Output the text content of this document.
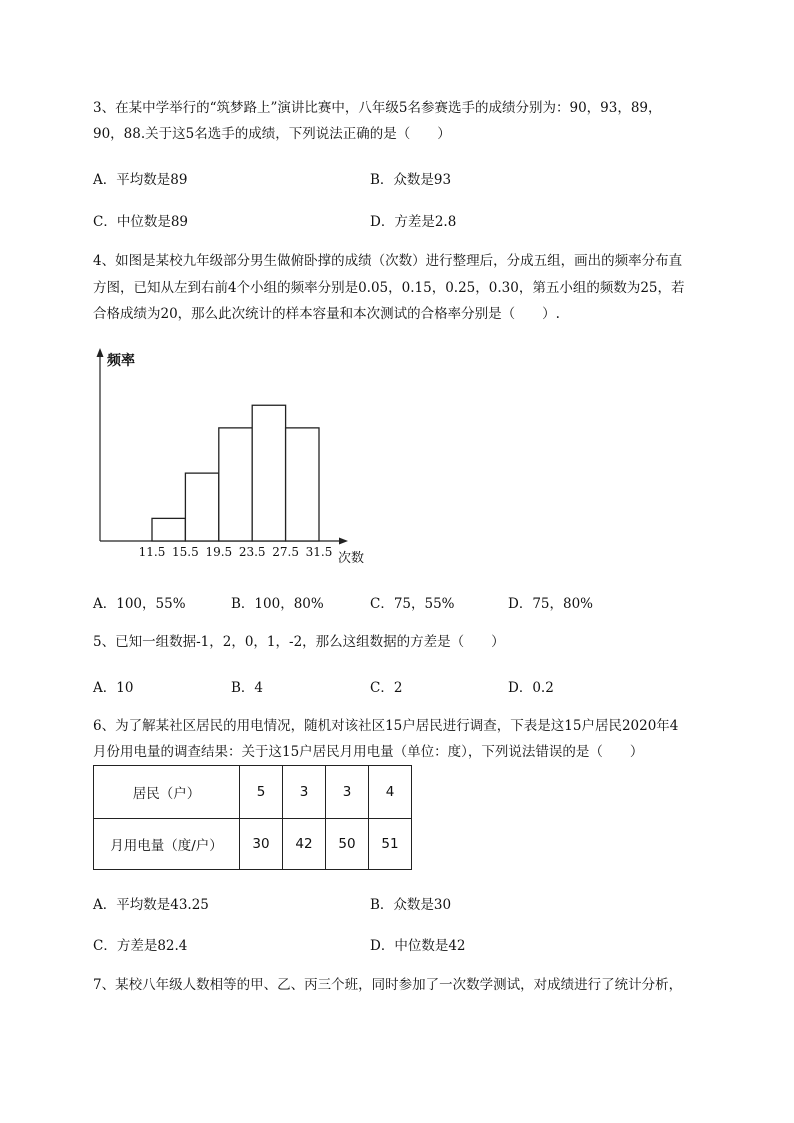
3、在某中学举行的“筑梦路上”演讲比赛中，八年级5名参赛选手的成绩分别为：90，93，89，
90，88.关于这5名选手的成绩，下列说法正确的是（　　）
A．平均数是89	B．众数是93
C．中位数是89	D．方差是2.8
4、如图是某校九年级部分男生做俯卧撑的成绩（次数）进行整理后，分成五组，画出的频率分布直
方图，已知从左到右前4个小组的频率分别是0.05，0.15，0.25，0.30，第五小组的频数为25，若
合格成绩为20，那么此次统计的样本容量和本次测试的合格率分别是（　　）.
频率
次数
11.5 15.5 19.5 23.5 27.5 31.5
A．100，55%	B．100，80%	C．75，55%	D．75，80%
5、已知一组数据-1，2，0，1，-2，那么这组数据的方差是（　　）
A．10	B．4	C．2	D．0.2
6、为了解某社区居民的用电情况，随机对该社区15户居民进行调查，下表是这15户居民2020年4
月份用电量的调查结果：关于这15户居民月用电量（单位：度），下列说法错误的是（　　）
居民（户）	5	3	3	4
月用电量（度/户）	30	42	50	51
A．平均数是43.25	B．众数是30
C．方差是82.4	D．中位数是42
7、某校八年级人数相等的甲、乙、丙三个班，同时参加了一次数学测试，对成绩进行了统计分析，
